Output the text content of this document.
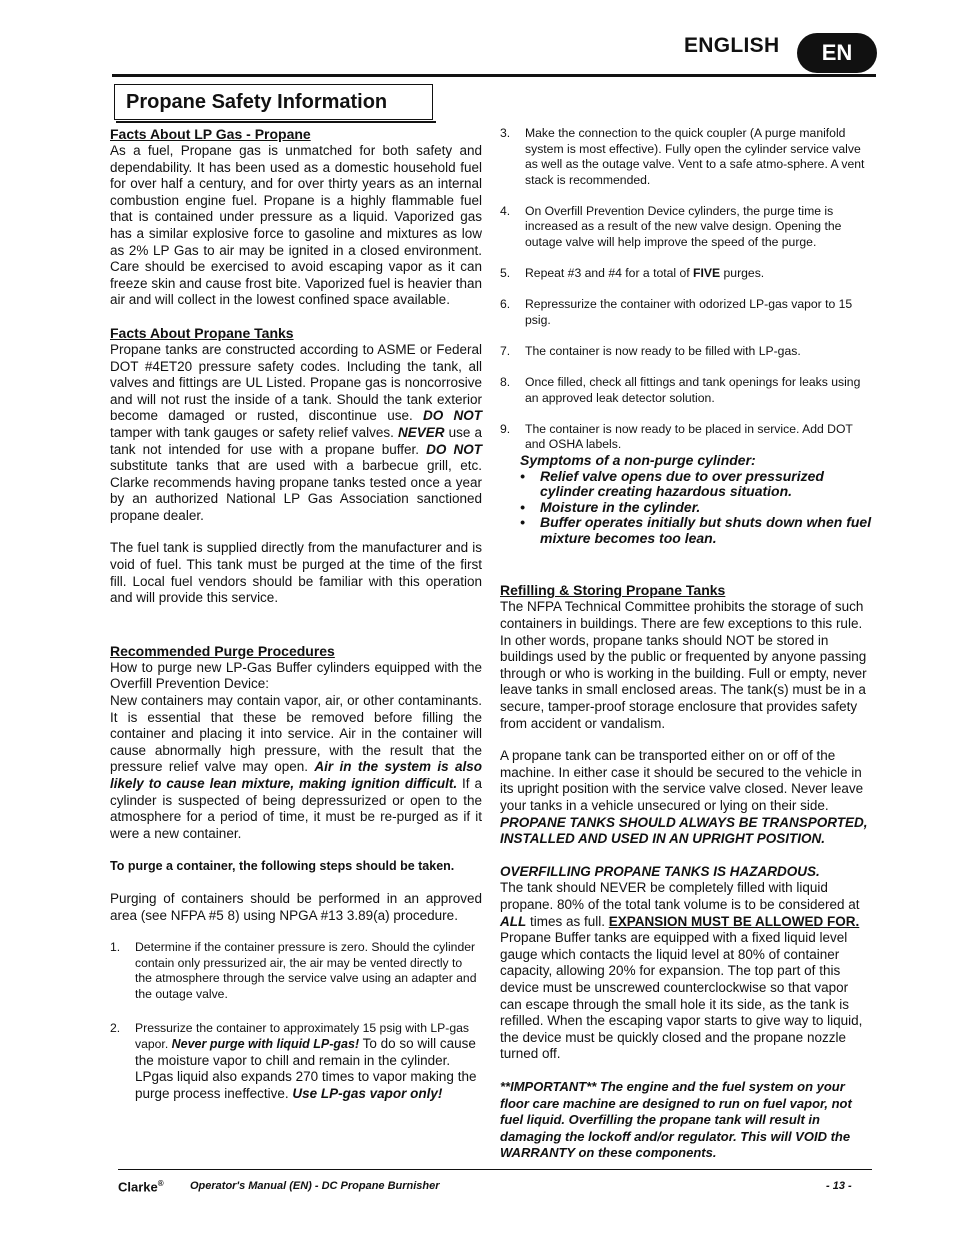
ENGLISH	EN
Propane Safety Information
Facts About LP Gas - Propane

As a fuel, Propane gas is unmatched for both safety and dependability. It has been used as a domestic household fuel for over half a century, and for over thirty years as an internal combustion engine fuel. Propane is a highly flammable fuel that is contained under pressure as a liquid. Vaporized gas has a similar explosive force to gasoline and mixtures as low as 2% LP Gas to air may be ignited in a closed environment. Care should be exercised to avoid escaping vapor as it can freeze skin and cause frost bite. Vaporized fuel is heavier than air and will collect in the lowest confined space available.

Facts About Propane Tanks

Propane tanks are constructed according to ASME or Federal DOT #4ET20 pressure safety codes. Including the tank, all valves and fittings are UL Listed. Propane gas is noncorrosive and will not rust the inside of a tank. Should the tank exterior become damaged or rusted, discontinue use. DO NOT tamper with tank gauges or safety relief valves. NEVER use a tank not intended for use with a propane buffer. DO NOT substitute tanks that are used with a barbecue grill, etc. Clarke recommends having propane tanks tested once a year by an authorized National LP Gas Association sanctioned propane dealer.

The fuel tank is supplied directly from the manufacturer and is void of fuel. This tank must be purged at the time of the first fill. Local fuel vendors should be familiar with this operation and will provide this service.

Recommended Purge Procedures

How to purge new LP-Gas Buffer cylinders equipped with the Overfill Prevention Device:

New containers may contain vapor, air, or other contaminants. It is essential that these be removed before filling the container and placing it into service. Air in the container will cause abnormally high pressure, with the result that the pressure relief valve may open. Air in the system is also likely to cause lean mixture, making ignition difficult. If a cylinder is suspected of being depressurized or open to the atmosphere for a period of time, it must be re-purged as if it were a new container.

To purge a container, the following steps should be taken.

Purging of containers should be performed in an approved area (see NFPA #5 8) using NPGA #13 3.89(a) procedure.

1. Determine if the container pressure is zero. Should the cylinder contain only pressurized air, the air may be vented directly to the atmosphere through the service valve using an adapter and the outage valve.
2. Pressurize the container to approximately 15 psig with LP-gas vapor. Never purge with liquid LP-gas! To do so will cause the moisture vapor to chill and remain in the cylinder. LPgas liquid also expands 270 times to vapor making the purge process ineffective. Use LP-gas vapor only!
3. Make the connection to the quick coupler (A purge manifold system is most effective). Fully open the cylinder service valve as well as the outage valve. Vent to a safe atmo-sphere. A vent stack is recommended.
4. On Overfill Prevention Device cylinders, the purge time is increased as a result of the new valve design. Opening the outage valve will help improve the speed of the purge.
5. Repeat #3 and #4 for a total of FIVE purges.
6. Repressurize the container with odorized LP-gas vapor to 15 psig.
7. The container is now ready to be filled with LP-gas.
8. Once filled, check all fittings and tank openings for leaks using an approved leak detector solution.
9. The container is now ready to be placed in service. Add DOT and OSHA labels.
Symptoms of a non-purge cylinder:
• Relief valve opens due to over pressurized cylinder creating hazardous situation.
• Moisture in the cylinder.
• Buffer operates initially but shuts down when fuel mixture becomes too lean.
Refilling & Storing Propane Tanks

The NFPA Technical Committee prohibits the storage of such containers in buildings. There are few exceptions to this rule. In other words, propane tanks should NOT be stored in buildings used by the public or frequented by anyone passing through or who is working in the building. Full or empty, never leave tanks in small enclosed areas. The tank(s) must be in a secure, tamper-proof storage enclosure that provides safety from accident or vandalism.

A propane tank can be transported either on or off of the machine. In either case it should be secured to the vehicle in its upright position with the service valve closed. Never leave your tanks in a vehicle unsecured or lying on their side. PROPANE TANKS SHOULD ALWAYS BE TRANSPORTED, INSTALLED AND USED IN AN UPRIGHT POSITION.

OVERFILLING PROPANE TANKS IS HAZARDOUS.

The tank should NEVER be completely filled with liquid propane. 80% of the total tank volume is to be considered at ALL times as full. EXPANSION MUST BE ALLOWED FOR. Propane Buffer tanks are equipped with a fixed liquid level gauge which contacts the liquid level at 80% of container capacity, allowing 20% for expansion. The top part of this device must be unscrewed counterclockwise so that vapor can escape through the small hole it its side, as the tank is refilled. When the escaping vapor starts to give way to liquid, the device must be quickly closed and the propane nozzle turned off.

**IMPORTANT** The engine and the fuel system on your floor care machine are designed to run on fuel vapor, not fuel liquid. Overfilling the propane tank will result in damaging the lockoff and/or regulator. This will VOID the WARRANTY on these components.

Clarke® Operator's Manual (EN) - DC Propane Burnisher	- 13 -
